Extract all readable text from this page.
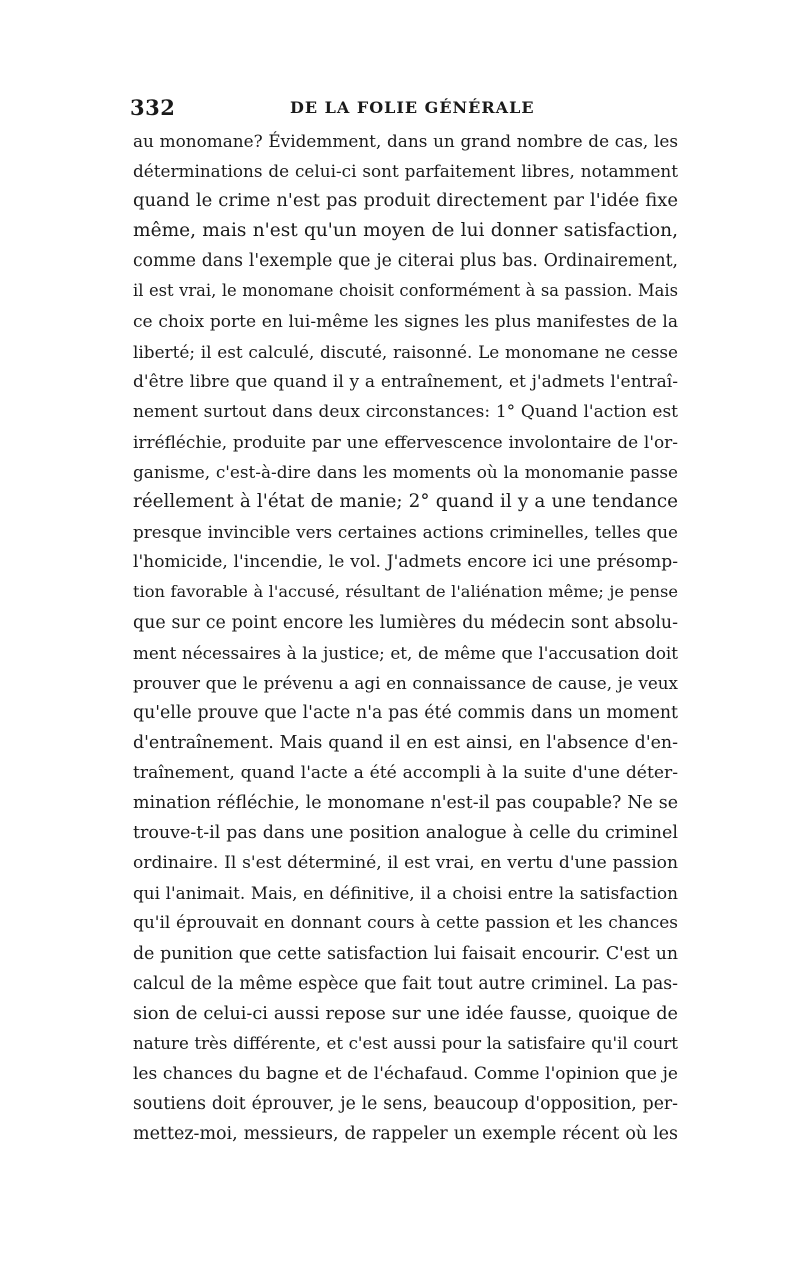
332	DE LA FOLIE GÉNÉRALE
au monomane? Évidemment, dans un grand nombre de cas, les
déterminations de celui-ci sont parfaitement libres, notamment
quand le crime n'est pas produit directement par l'idée fixe
même, mais n'est qu'un moyen de lui donner satisfaction,
comme dans l'exemple que je citerai plus bas. Ordinairement,
il est vrai, le monomane choisit conformément à sa passion. Mais
ce choix porte en lui-même les signes les plus manifestes de la
liberté; il est calculé, discuté, raisonné. Le monomane ne cesse
d'être libre que quand il y a entraînement, et j'admets l'entraî-
nement surtout dans deux circonstances: 1° Quand l'action est
irréfléchie, produite par une effervescence involontaire de l'or-
ganisme, c'est-à-dire dans les moments où la monomanie passe
réellement à l'état de manie; 2° quand il y a une tendance
presque invincible vers certaines actions criminelles, telles que
l'homicide, l'incendie, le vol. J'admets encore ici une présomp-
tion favorable à l'accusé, résultant de l'aliénation même; je pense
que sur ce point encore les lumières du médecin sont absolu-
ment nécessaires à la justice; et, de même que l'accusation doit
prouver que le prévenu a agi en connaissance de cause, je veux
qu'elle prouve que l'acte n'a pas été commis dans un moment
d'entraînement. Mais quand il en est ainsi, en l'absence d'en-
traînement, quand l'acte a été accompli à la suite d'une déter-
mination réfléchie, le monomane n'est-il pas coupable? Ne se
trouve-t-il pas dans une position analogue à celle du criminel
ordinaire. Il s'est déterminé, il est vrai, en vertu d'une passion
qui l'animait. Mais, en définitive, il a choisi entre la satisfaction
qu'il éprouvait en donnant cours à cette passion et les chances
de punition que cette satisfaction lui faisait encourir. C'est un
calcul de la même espèce que fait tout autre criminel. La pas-
sion de celui-ci aussi repose sur une idée fausse, quoique de
nature très différente, et c'est aussi pour la satisfaire qu'il court
les chances du bagne et de l'échafaud. Comme l'opinion que je
soutiens doit éprouver, je le sens, beaucoup d'opposition, per-
mettez-moi, messieurs, de rappeler un exemple récent où les
